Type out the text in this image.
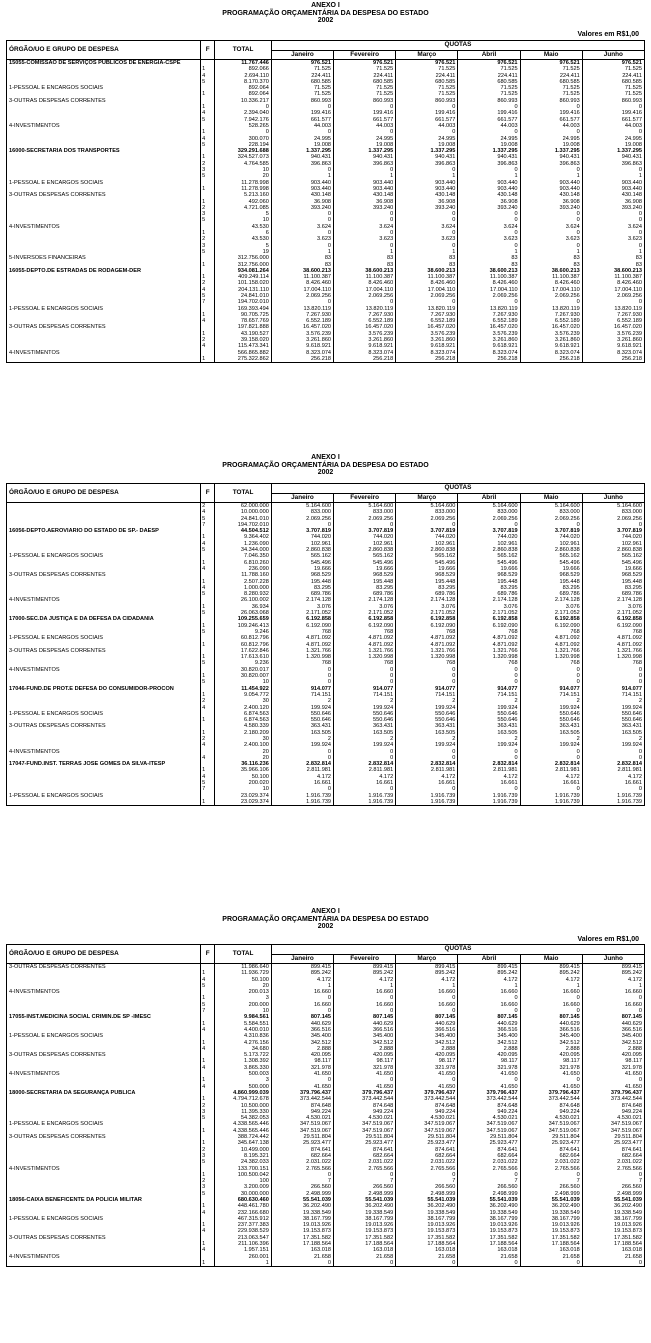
ANEXO I
PROGRAMAÇÃO ORÇAMENTÁRIA DA DESPESA DO ESTADO
2002
Valores em R$1,00
ÓRGÃO/UO E GRUPO DE DESPESA	F	TOTAL	QUOTAS					
			Janeiro	Fevereiro	Março	Abril	Maio	Junho
15055-COMISSÃO DE SERVIÇOS PÚBLICOS DE ENERGIA-CSPE		11.767.446	976.521	976.521	976.521	976.521	976.521	976.521

	1	892.066	71.525	71.525	71.525	71.525	71.525	71.525
	4	2.694.110	224.411	224.411	224.411	224.411	224.411	224.411
	5	8.170.370	680.585	680.585	680.585	680.585	680.585	680.585
1-PESSOAL E ENCARGOS SOCIAIS		892.064	71.525	71.525	71.525	71.525	71.525	71.525
	1	892.064	71.525	71.525	71.525	71.525	71.525	71.525
3-OUTRAS DESPESAS CORRENTES		10.336.217	860.993	860.993	860.993	860.993	860.993	860.993
	1	0	0	0	0	0	0	0
	4	2.394.040	199.416	199.416	199.416	199.416	199.416	199.416
	5	7.942.176	661.577	661.577	661.577	661.577	661.577	661.577
4-INVESTIMENTOS		528.265	44.003	44.003	44.003	44.003	44.003	44.003
	1	0	0	0	0	0	0	0
	4	300.070	24.995	24.995	24.995	24.995	24.995	24.995
	5	228.194	19.008	19.008	19.008	19.008	19.008	19.008
16000-SECRETARIA DOS TRANSPORTES		329.291.688	1.337.295	1.337.295	1.337.295	1.337.295	1.337.295	1.337.295
	1	324.527.073	940.431	940.431	940.431	940.431	940.431	940.431
	2	4.764.585	396.863	396.863	396.863	396.863	396.863	396.863
	3	10	0	0	0	0	0	0
	5	20	1	1	1	1	1	1
1-PESSOAL E ENCARGOS SOCIAIS		11.278.998	903.440	903.440	903.440	903.440	903.440	903.440
	1	11.278.998	903.440	903.440	903.440	903.440	903.440	903.440
3-OUTRAS DESPESAS CORRENTES		5.213.160	430.148	430.148	430.148	430.148	430.148	430.148
	1	492.060	36.908	36.908	36.908	36.908	36.908	36.908
	2	4.721.085	393.240	393.240	393.240	393.240	393.240	393.240
	3	5	0	0	0	0	0	0
	5	10	0	0	0	0	0	0
4-INVESTIMENTOS		43.530	3.624	3.624	3.624	3.624	3.624	3.624
	1	6	0	0	0	0	0	0
	2	43.530	3.623	3.623	3.623	3.623	3.623	3.623
	3	5	0	0	0	0	0	0
	5	19	1	1	1	1	1	1
5-INVERSÕES FINANCEIRAS		312.756.000	83	83	83	83	83	83
	1	312.756.000	83	83	83	83	83	83
16055-DEPTO.DE ESTRADAS DE RODAGEM-DER		934.081.264	38.600.213	38.600.213	38.600.213	38.600.213	38.600.213	38.600.213
	1	409.249.114	11.100.387	11.100.387	11.100.387	11.100.387	11.100.387	11.100.387
	2	101.158.020	8.426.460	8.426.460	8.426.460	8.426.460	8.426.460	8.426.460
	4	204.131.110	17.004.110	17.004.110	17.004.110	17.004.110	17.004.110	17.004.110
	5	24.841.010	2.069.256	2.069.256	2.069.256	2.069.256	2.069.256	2.069.256
	7	194.702.010	0	0	0	0	0	0
1-PESSOAL E ENCARGOS SOCIAIS		169.393.494	13.820.119	13.820.119	13.820.119	13.820.119	13.820.119	13.820.119
	1	90.705.725	7.267.930	7.267.930	7.267.930	7.267.930	7.267.930	7.267.930
	4	78.657.769	6.552.189	6.552.189	6.552.189	6.552.189	6.552.189	6.552.189
3-OUTRAS DESPESAS CORRENTES		197.821.888	16.457.020	16.457.020	16.457.020	16.457.020	16.457.020	16.457.020
	1	43.190.527	3.576.239	3.576.239	3.576.239	3.576.239	3.576.239	3.576.239
	2	39.158.020	3.261.860	3.261.860	3.261.860	3.261.860	3.261.860	3.261.860
	4	115.473.341	9.618.921	9.618.921	9.618.921	9.618.921	9.618.921	9.618.921
4-INVESTIMENTOS		566.865.882	8.323.074	8.323.074	8.323.074	8.323.074	8.323.074	8.323.074
	1	275.322.862	256.218	256.218	256.218	256.218	256.218	256.218
ANEXO I
PROGRAMAÇÃO ORÇAMENTÁRIA DA DESPESA DO ESTADO
2002
ÓRGÃO/UO E GRUPO DE DESPESA	F	TOTAL	QUOTAS					
			Janeiro	Fevereiro	Março	Abril	Maio	Junho

	2	62.000.000	5.164.600	5.164.600	5.164.600	5.164.600	5.164.600	5.164.600
	4	10.000.000	833.000	833.000	833.000	833.000	833.000	833.000
	5	24.841.010	2.069.256	2.069.256	2.069.256	2.069.256	2.069.256	2.069.256
	7	194.702.010	0	0	0	0	0	0
16056-DEPTO.AEROVIÁRIO DO ESTADO DE SP.- DAESP		44.504.512	3.707.819	3.707.819	3.707.819	3.707.819	3.707.819	3.707.819
	1	9.364.402	744.020	744.020	744.020	744.020	744.020	744.020
	4	1.236.090	102.961	102.961	102.961	102.961	102.961	102.961
	5	34.344.000	2.860.838	2.860.838	2.860.838	2.860.838	2.860.838	2.860.838
1-PESSOAL E ENCARGOS SOCIAIS		7.046.350	565.162	565.162	565.162	565.162	565.162	565.162
	1	6.810.260	545.496	545.496	545.496	545.496	545.496	545.496
	4	236.090	19.666	19.666	19.666	19.666	19.666	19.666
3-OUTRAS DESPESAS CORRENTES		11.788.160	968.529	968.529	968.529	968.529	968.529	968.529
	1	2.507.228	195.448	195.448	195.448	195.448	195.448	195.448
	4	1.000.000	83.295	83.295	83.295	83.295	83.295	83.295
	5	8.280.932	689.786	689.786	689.786	689.786	689.786	689.786
4-INVESTIMENTOS		26.100.002	2.174.128	2.174.128	2.174.128	2.174.128	2.174.128	2.174.128
	1	36.934	3.076	3.076	3.076	3.076	3.076	3.076
	5	26.063.068	2.171.052	2.171.052	2.171.052	2.171.052	2.171.052	2.171.052
17000-SEC.DA JUSTIÇA E DA DEFESA DA CIDADANIA		109.255.659	6.192.858	6.192.858	6.192.858	6.192.858	6.192.858	6.192.858
	1	109.246.413	6.192.090	6.192.090	6.192.090	6.192.090	6.192.090	6.192.090
	5	9.246	768	768	768	768	768	768
1-PESSOAL E ENCARGOS SOCIAIS		60.812.796	4.871.092	4.871.092	4.871.092	4.871.092	4.871.092	4.871.092
	1	60.812.796	4.871.092	4.871.092	4.871.092	4.871.092	4.871.092	4.871.092
3-OUTRAS DESPESAS CORRENTES		17.622.846	1.321.766	1.321.766	1.321.766	1.321.766	1.321.766	1.321.766
	1	17.613.610	1.320.998	1.320.998	1.320.998	1.320.998	1.320.998	1.320.998
	5	9.236	768	768	768	768	768	768
4-INVESTIMENTOS		30.820.017	0	0	0	0	0	0
	1	30.820.007	0	0	0	0	0	0
	5	10	0	0	0	0	0	0
17046-FUND.DE PROT.E DEFESA DO CONSUMIDOR-PROCON		11.454.922	914.077	914.077	914.077	914.077	914.077	914.077

	1	9.054.772	714.151	714.151	714.151	714.151	714.151	714.151
	2	30	2	2	2	2	2	2
	4	2.400.120	199.924	199.924	199.924	199.924	199.924	199.924
1-PESSOAL E ENCARGOS SOCIAIS		6.874.563	550.646	550.646	550.646	550.646	550.646	550.646
	1	6.874.563	550.646	550.646	550.646	550.646	550.646	550.646
3-OUTRAS DESPESAS CORRENTES		4.580.339	363.431	363.431	363.431	363.431	363.431	363.431
	1	2.180.209	163.505	163.505	163.505	163.505	163.505	163.505
	2	30	2	2	2	2	2	2
	4	2.400.100	199.924	199.924	199.924	199.924	199.924	199.924
4-INVESTIMENTOS		20	0	0	0	0	0	0
	4	20	0	0	0	0	0	0
17047-FUND.INST. TERRAS JOSÉ GOMES DA SILVA-ITESP		36.116.236	2.832.814	2.832.814	2.832.814	2.832.814	2.832.814	2.832.814

	1	35.966.106	2.811.981	2.811.981	2.811.981	2.811.981	2.811.981	2.811.981
	4	50.100	4.172	4.172	4.172	4.172	4.172	4.172
	5	200.020	16.661	16.661	16.661	16.661	16.661	16.661
	7	10	0	0	0	0	0	0
1-PESSOAL E ENCARGOS SOCIAIS		23.029.374	1.916.739	1.916.739	1.916.739	1.916.739	1.916.739	1.916.739
	1	23.029.374	1.916.739	1.916.739	1.916.739	1.916.739	1.916.739	1.916.739
ANEXO I
PROGRAMAÇÃO ORÇAMENTÁRIA DA DESPESA DO ESTADO
2002
Valores em R$1,00
ÓRGÃO/UO E GRUPO DE DESPESA	F	TOTAL	QUOTAS					
			Janeiro	Fevereiro	Março	Abril	Maio	Junho
3-OUTRAS DESPESAS CORRENTES		11.986.640	899.415	899.415	899.415	899.415	899.415	899.415
	1	11.936.729	895.242	895.242	895.242	895.242	895.242	895.242
	4	50.100	4.172	4.172	4.172	4.172	4.172	4.172
	5	20	1	1	1	1	1	1
4-INVESTIMENTOS		200.013	16.660	16.660	16.660	16.660	16.660	16.660
	1	3	0	0	0	0	0	0
	5	200.000	16.660	16.660	16.660	16.660	16.660	16.660
	7	10	0	0	0	0	0	0
17055-INST.MEDICINA SOCIAL CRIMIN.DE SP -IMESC		9.984.561	807.145	807.145	807.145	807.145	807.145	807.145
	1	5.584.551	440.629	440.629	440.629	440.629	440.629	440.629
	4	4.400.010	366.516	366.516	366.516	366.516	366.516	366.516
1-PESSOAL E ENCARGOS SOCIAIS		4.310.836	345.400	345.400	345.400	345.400	345.400	345.400
	1	4.276.156	342.512	342.512	342.512	342.512	342.512	342.512
	4	34.680	2.888	2.888	2.888	2.888	2.888	2.888
3-OUTRAS DESPESAS CORRENTES		5.173.722	420.095	420.095	420.095	420.095	420.095	420.095
	1	1.308.392	98.117	98.117	98.117	98.117	98.117	98.117
	4	3.865.330	321.978	321.978	321.978	321.978	321.978	321.978
4-INVESTIMENTOS		500.003	41.650	41.650	41.650	41.650	41.650	41.650
	1	3	0	0	0	0	0	0
	4	500.000	41.650	41.650	41.650	41.650	41.650	41.650
18000-SECRETARIA DA SEGURANÇA PÚBLICA		4.860.999.039	379.796.437	379.796.437	379.796.437	379.796.437	379.796.437	379.796.437
	1	4.794.712.678	373.442.544	373.442.544	373.442.544	373.442.544	373.442.544	373.442.544
	2	10.500.000	874.648	874.648	874.648	874.648	874.648	874.648
	3	11.395.330	949.224	949.224	949.224	949.224	949.224	949.224
	5	54.382.053	4.530.021	4.530.021	4.530.021	4.530.021	4.530.021	4.530.021
1-PESSOAL E ENCARGOS SOCIAIS		4.338.565.446	347.519.067	347.519.067	347.519.067	347.519.067	347.519.067	347.519.067
	1	4.338.565.446	347.519.067	347.519.067	347.519.067	347.519.067	347.519.067	347.519.067
3-OUTRAS DESPESAS CORRENTES		388.724.442	29.511.804	29.511.804	29.511.804	29.511.804	29.511.804	29.511.804
	1	345.647.138	25.923.477	25.923.477	25.923.477	25.923.477	25.923.477	25.923.477
	2	10.499.000	874.641	874.641	874.641	874.641	874.641	874.641
	3	8.195.321	682.664	682.664	682.664	682.664	682.664	682.664
	5	24.382.033	2.031.022	2.031.022	2.031.022	2.031.022	2.031.022	2.031.022
4-INVESTIMENTOS		133.700.151	2.765.566	2.765.566	2.765.566	2.765.566	2.765.566	2.765.566
	1	100.500.042	0	0	0	0	0	0
	2	100	7	7	7	7	7	7
	3	3.200.009	266.560	266.560	266.560	266.560	266.560	266.560
	5	30.000.000	2.498.999	2.498.999	2.498.999	2.498.999	2.498.999	2.498.999
18056-CAIXA BENEFICENTE DA POLÍCIA MILITAR		680.630.460	55.541.039	55.541.039	55.541.039	55.541.039	55.541.039	55.541.039
	1	448.461.780	36.202.490	36.202.490	36.202.490	36.202.490	36.202.490	36.202.490
	4	232.166.680	19.338.549	19.338.549	19.338.549	19.338.549	19.338.549	19.338.549
1-PESSOAL E ENCARGOS SOCIAIS		467.315.912	38.167.799	38.167.799	38.167.799	38.167.799	38.167.799	38.167.799
	1	237.377.383	19.013.926	19.013.926	19.013.926	19.013.926	19.013.926	19.013.926
	4	229.938.529	19.153.873	19.153.873	19.153.873	19.153.873	19.153.873	19.153.873
3-OUTRAS DESPESAS CORRENTES		213.063.547	17.351.582	17.351.582	17.351.582	17.351.582	17.351.582	17.351.582
	1	211.106.396	17.188.564	17.188.564	17.188.564	17.188.564	17.188.564	17.188.564
	4	1.957.151	163.018	163.018	163.018	163.018	163.018	163.018
4-INVESTIMENTOS		260.001	21.658	21.658	21.658	21.658	21.658	21.658
	1	1	0	0	0	0	0	0
